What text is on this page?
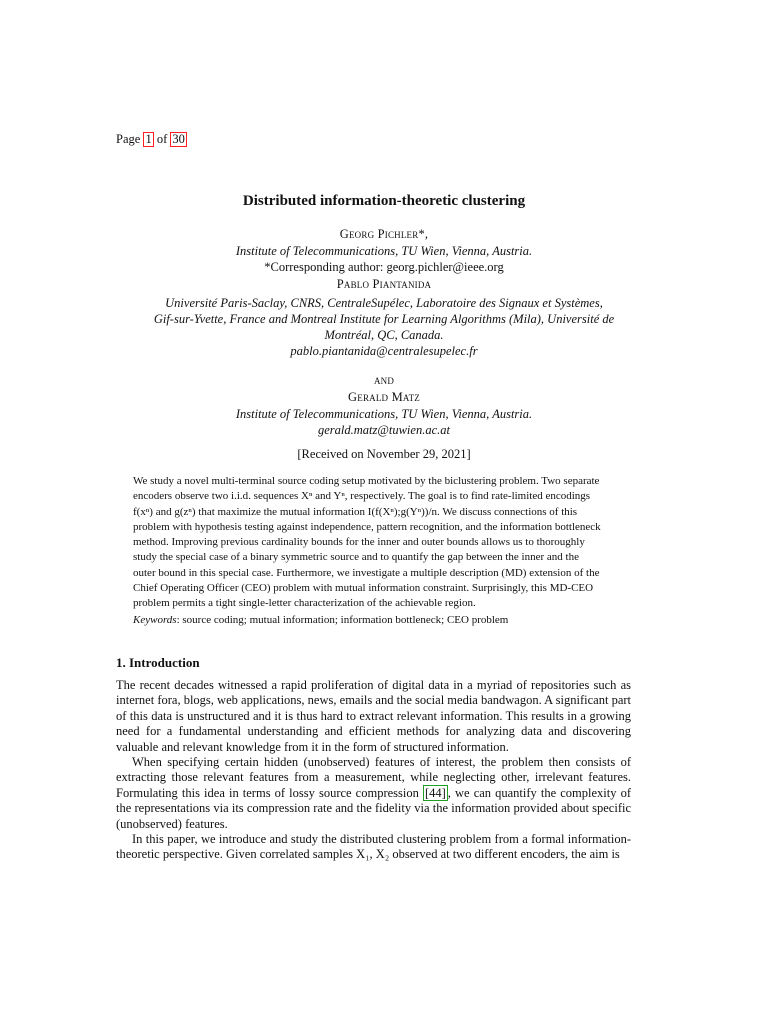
Page 1 of 30
Distributed information-theoretic clustering
Georg Pichler*,
Institute of Telecommunications, TU Wien, Vienna, Austria.
*Corresponding author: georg.pichler@ieee.org
Pablo Piantanida
Université Paris-Saclay, CNRS, CentraleSupélec, Laboratoire des Signaux et Systèmes,
Gif-sur-Yvette, France and Montreal Institute for Learning Algorithms (Mila), Université de
Montréal, QC, Canada.
pablo.piantanida@centralesupelec.fr
and
Gerald Matz
Institute of Telecommunications, TU Wien, Vienna, Austria.
gerald.matz@tuwien.ac.at
[Received on November 29, 2021]

We study a novel multi-terminal source coding setup motivated by the biclustering problem. Two separate

encoders observe two i.i.d. sequences Xⁿ and Yⁿ, respectively. The goal is to find rate-limited encodings

f(xⁿ) and g(zⁿ) that maximize the mutual information I(f(Xⁿ);g(Yⁿ))/n. We discuss connections of this

problem with hypothesis testing against independence, pattern recognition, and the information bottleneck

method. Improving previous cardinality bounds for the inner and outer bounds allows us to thoroughly

study the special case of a binary symmetric source and to quantify the gap between the inner and the

outer bound in this special case. Furthermore, we investigate a multiple description (MD) extension of the

Chief Operating Officer (CEO) problem with mutual information constraint. Surprisingly, this MD-CEO

problem permits a tight single-letter characterization of the achievable region.

Keywords: source coding; mutual information; information bottleneck; CEO problem
1. Introduction

The recent decades witnessed a rapid proliferation of digital data in a myriad of repositories such as internet fora, blogs, web applications, news, emails and the social media bandwagon. A significant part of this data is unstructured and it is thus hard to extract relevant information. This results in a growing need for a fundamental understanding and efficient methods for analyzing data and discovering valuable and relevant knowledge from it in the form of structured information.

When specifying certain hidden (unobserved) features of interest, the problem then consists of extracting those relevant features from a measurement, while neglecting other, irrelevant features. Formulating this idea in terms of lossy source compression [44] , we can quantify the complexity of the representations via its compression rate and the fidelity via the information provided about specific (unobserved) features.

In this paper, we introduce and study the distributed clustering problem from a formal information-theoretic perspective. Given correlated samples X₁, X₂ observed at two different encoders, the aim is
